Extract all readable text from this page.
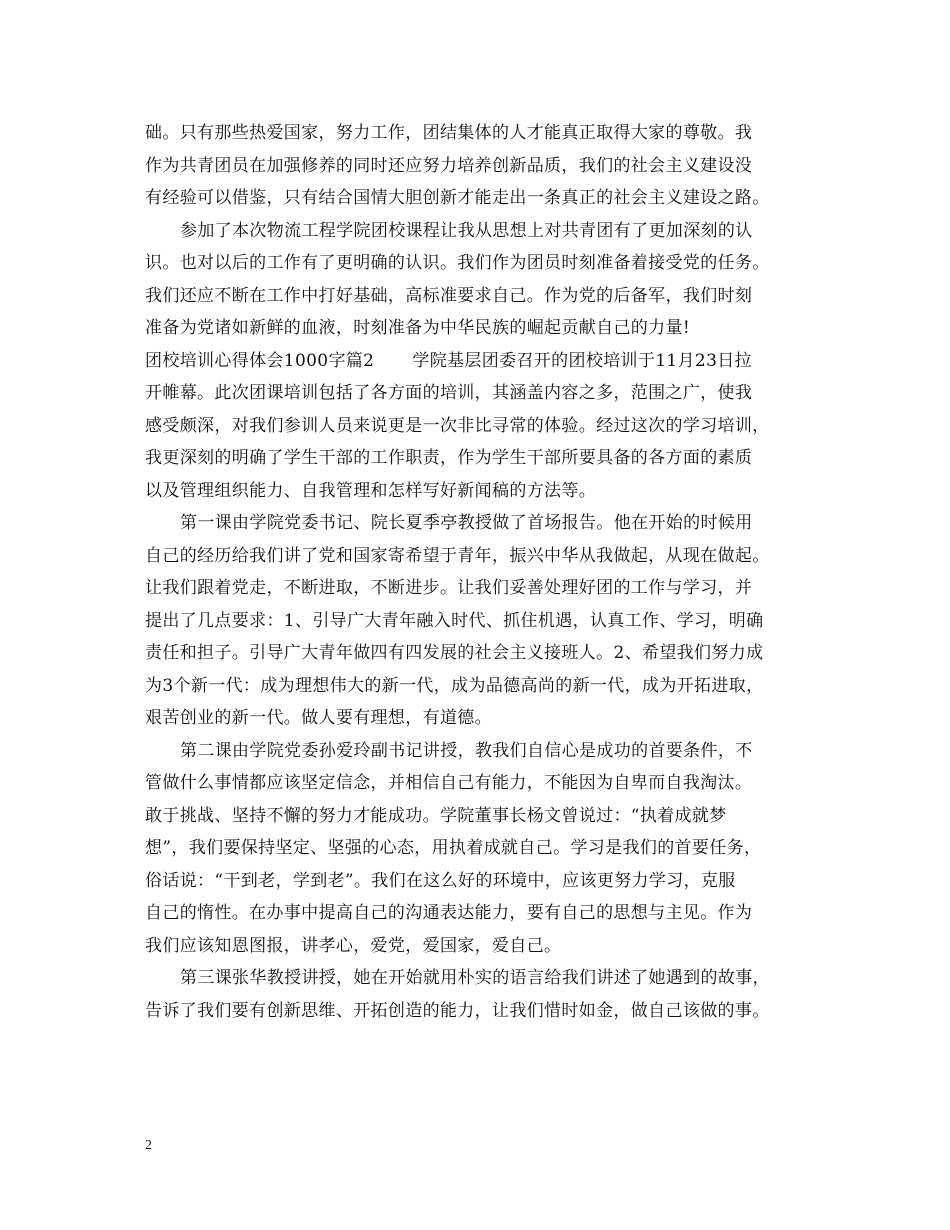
础。只有那些热爱国家，努力工作，团结集体的人才能真正取得大家的尊敬。我
作为共青团员在加强修养的同时还应努力培养创新品质，我们的社会主义建设没
有经验可以借鉴，只有结合国情大胆创新才能走出一条真正的社会主义建设之路。

参加了本次物流工程学院团校课程让我从思想上对共青团有了更加深刻的认
识。也对以后的工作有了更明确的认识。我们作为团员时刻准备着接受党的任务。
我们还应不断在工作中打好基础，高标准要求自己。作为党的后备军，我们时刻
准备为党诸如新鲜的血液，时刻准备为中华民族的崛起贡献自己的力量!

团校培训心得体会1000字篇2 学院基层团委召开的团校培训于11月23日拉
开帷幕。此次团课培训包括了各方面的培训，其涵盖内容之多，范围之广，使我
感受颇深，对我们参训人员来说更是一次非比寻常的体验。经过这次的学习培训，
我更深刻的明确了学生干部的工作职责，作为学生干部所要具备的各方面的素质
以及管理组织能力、自我管理和怎样写好新闻稿的方法等。

第一课由学院党委书记、院长夏季亭教授做了首场报告。他在开始的时候用
自己的经历给我们讲了党和国家寄希望于青年，振兴中华从我做起，从现在做起。
让我们跟着党走，不断进取，不断进步。让我们妥善处理好团的工作与学习，并
提出了几点要求：1、引导广大青年融入时代、抓住机遇，认真工作、学习，明确
责任和担子。引导广大青年做四有四发展的社会主义接班人。2、希望我们努力成
为3个新一代：成为理想伟大的新一代，成为品德高尚的新一代，成为开拓进取，
艰苦创业的新一代。做人要有理想，有道德。

第二课由学院党委孙爱玲副书记讲授，教我们自信心是成功的首要条件，不
管做什么事情都应该坚定信念，并相信自己有能力，不能因为自卑而自我淘汰。
敢于挑战、坚持不懈的努力才能成功。学院董事长杨文曾说过：“执着成就梦
想”，我们要保持坚定、坚强的心态，用执着成就自己。学习是我们的首要任务，
俗话说：“干到老，学到老”。我们在这么好的环境中，应该更努力学习，克服
自己的惰性。在办事中提高自己的沟通表达能力，要有自己的思想与主见。作为
我们应该知恩图报，讲孝心，爱党，爱国家，爱自己。

第三课张华教授讲授，她在开始就用朴实的语言给我们讲述了她遇到的故事，
告诉了我们要有创新思维、开拓创造的能力，让我们惜时如金，做自己该做的事。

2
